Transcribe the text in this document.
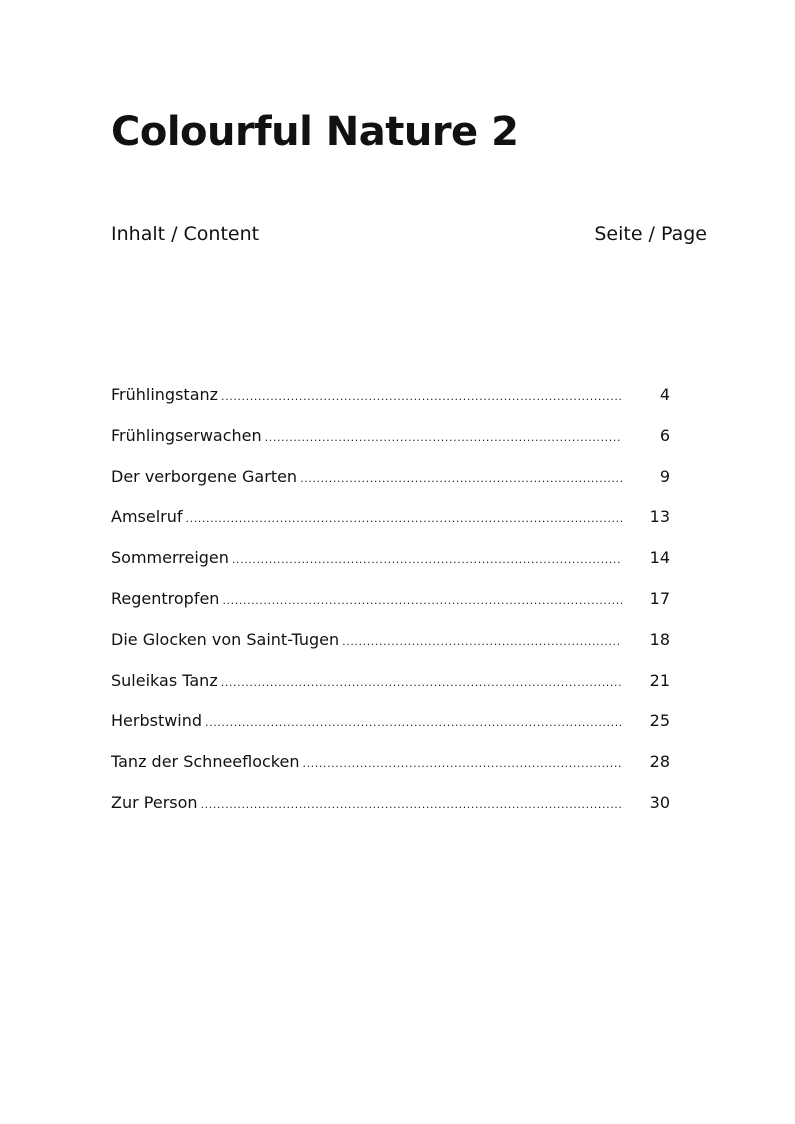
Colourful Nature 2
Inhalt / Content	Seite / Page
Frühlingstanz .....	4
Frühlingserwachen .....	6
Der verborgene Garten .....	9
Amselruf .....	13
Sommerreigen .....	14
Regentropfen .....	17
Die Glocken von Saint-Tugen .....	18
Suleikas Tanz .....	21
Herbstwind .....	25
Tanz der Schneeflocken .....	28
Zur Person .....	30
